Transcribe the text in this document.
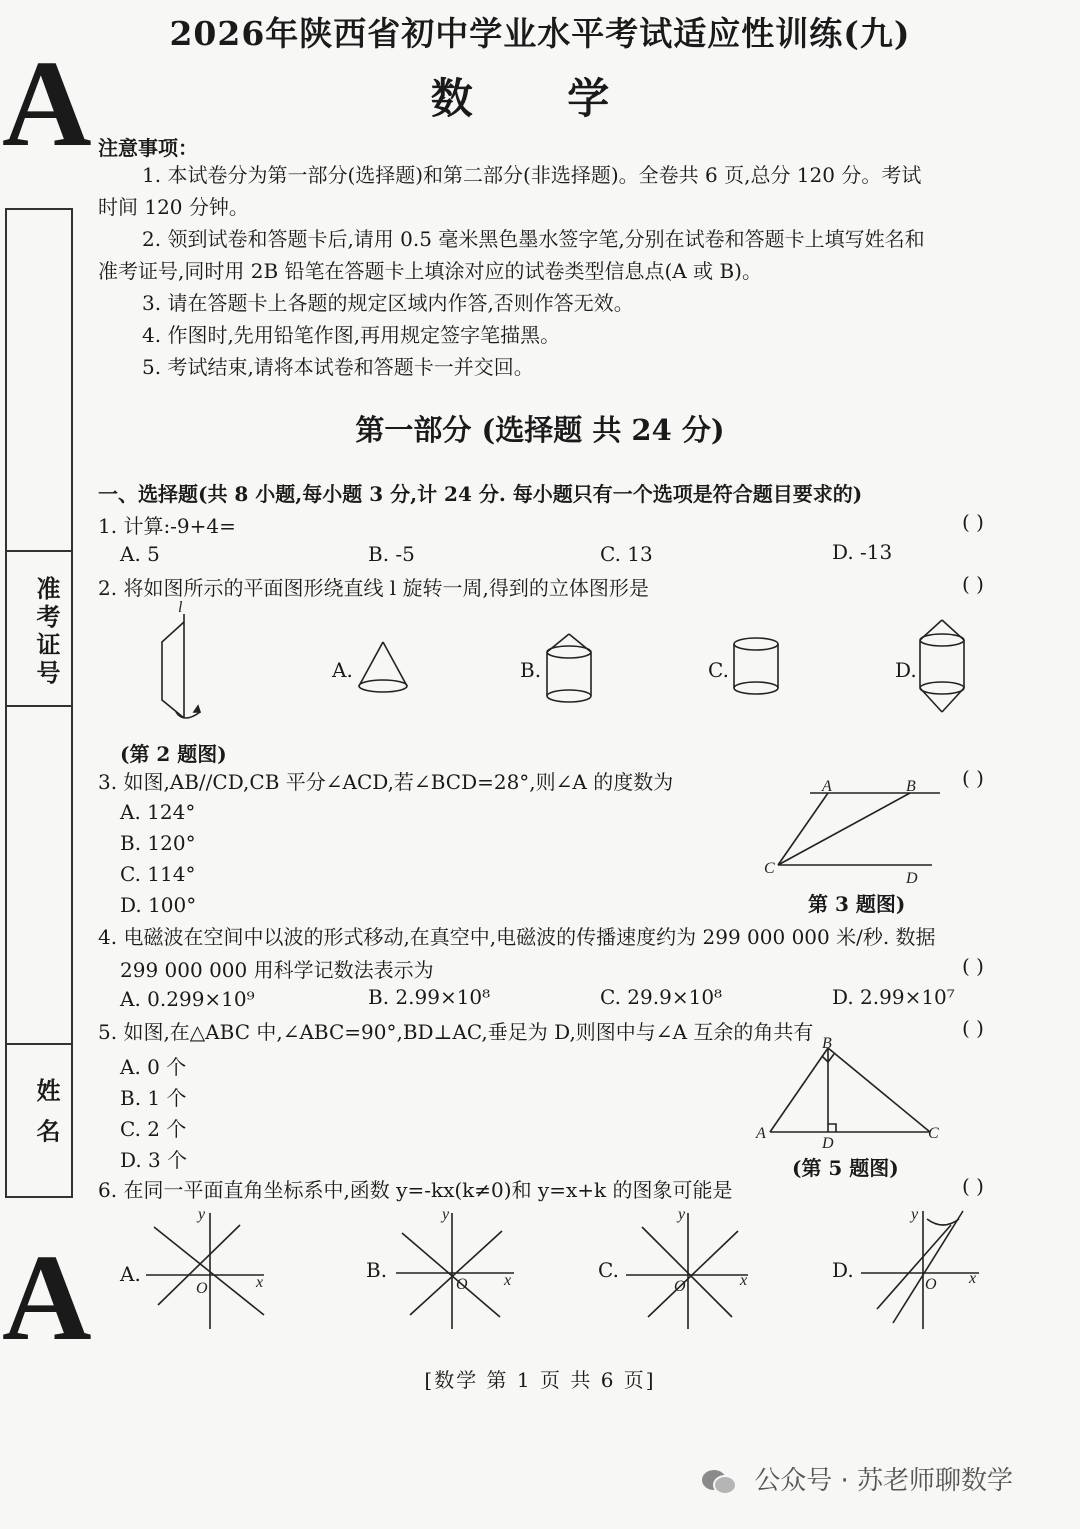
2026年陕西省初中学业水平考试适应性训练(九)
数 学
A
A
准考证号
姓 名
注意事项：
1. 本试卷分为第一部分(选择题)和第二部分(非选择题)。全卷共 6 页,总分 120 分。考试
时间 120 分钟。
2. 领到试卷和答题卡后,请用 0.5 毫米黑色墨水签字笔,分别在试卷和答题卡上填写姓名和
准考证号,同时用 2B 铅笔在答题卡上填涂对应的试卷类型信息点(A 或 B)。
3. 请在答题卡上各题的规定区域内作答,否则作答无效。
4. 作图时,先用铅笔作图,再用规定签字笔描黑。
5. 考试结束,请将本试卷和答题卡一并交回。
第一部分 (选择题 共 24 分)
一、选择题(共 8 小题,每小题 3 分,计 24 分. 每小题只有一个选项是符合题目要求的)
1. 计算:-9+4=	( )
A. 5	B. -5	C. 13	D. -13
2. 将如图所示的平面图形绕直线 l 旋转一周,得到的立体图形是	( )
l
A.	B.	C.	D.
(第 2 题图)
3. 如图,AB//CD,CB 平分∠ACD,若∠BCD=28°,则∠A 的度数为	( )
A. 124°
B. 120°
C. 114°
D. 100°
A	B
C
D
第 3 题图)
4. 电磁波在空间中以波的形式移动,在真空中,电磁波的传播速度约为 299 000 000 米/秒. 数据
299 000 000 用科学记数法表示为	( )
A. 0.299×10⁹	B. 2.99×10⁸	C. 29.9×10⁸	D. 2.99×10⁷
5. 如图,在△ABC 中,∠ABC=90°,BD⊥AC,垂足为 D,则图中与∠A 互余的角共有	( )
A. 0 个
B. 1 个
C. 2 个
D. 3 个
B
A	C
D
(第 5 题图)
6. 在同一平面直角坐标系中,函数 y=-kx(k≠0)和 y=x+k 的图象可能是	( )
A.	x
y
O
B.	x
y
O
C.	x
y
O
D.	x
y
O
[数学 第 1 页 共 6 页]
公众号 · 苏老师聊数学
